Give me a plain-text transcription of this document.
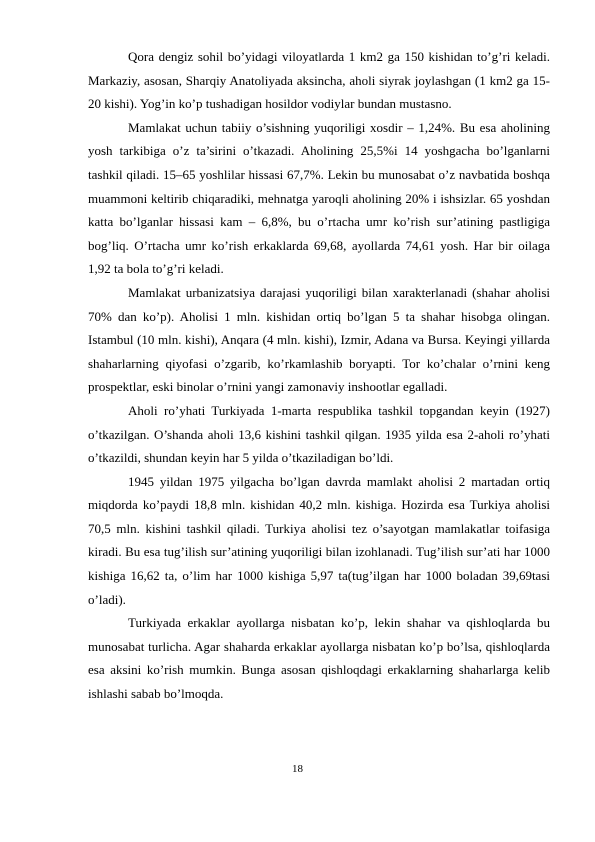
Qora dengiz sohil bo’yidagi viloyatlarda 1 km2 ga 150 kishidan to’g’ri keladi. Markaziy, asosan, Sharqiy Anatoliyada aksincha, aholi siyrak joylashgan (1 km2 ga 15-20 kishi). Yog’in ko’p tushadigan hosildor vodiylar bundan mustasno.

Mamlakat uchun tabiiy o’sishning yuqoriligi xosdir – 1,24%. Bu esa aholining yosh tarkibiga o’z ta’sirini o’tkazadi. Aholining 25,5%i 14 yoshgacha bo’lganlarni tashkil qiladi. 15–65 yoshlilar hissasi 67,7%. Lekin bu munosabat o’z navbatida boshqa muammoni keltirib chiqaradiki, mehnatga yaroqli aholining 20% i ishsizlar. 65 yoshdan katta bo’lganlar hissasi kam – 6,8%, bu o’rtacha umr ko’rish sur’atining pastligiga bog’liq. O’rtacha umr ko’rish erkaklarda 69,68, ayollarda 74,61 yosh. Har bir oilaga 1,92 ta bola to’g’ri keladi.

Mamlakat urbanizatsiya darajasi yuqoriligi bilan xarakterlanadi (shahar aholisi 70% dan ko’p). Aholisi 1 mln. kishidan ortiq bo’lgan 5 ta shahar hisobga olingan. Istambul (10 mln. kishi), Anqara (4 mln. kishi), Izmir, Adana va Bursa. Keyingi yillarda shaharlarning qiyofasi o’zgarib, ko’rkamlashib boryapti. Tor ko’chalar o’rnini keng prospektlar, eski binolar o’rnini yangi zamonaviy inshootlar egalladi.

Aholi ro’yhati Turkiyada 1-marta respublika tashkil topgandan keyin (1927) o’tkazilgan. O’shanda aholi 13,6 kishini tashkil qilgan. 1935 yilda esa 2-aholi ro’yhati o’tkazildi, shundan keyin har 5 yilda o’tkaziladigan bo’ldi.

1945 yildan 1975 yilgacha bo’lgan davrda mamlakt aholisi 2 martadan ortiq miqdorda ko’paydi 18,8 mln. kishidan 40,2 mln. kishiga. Hozirda esa Turkiya aholisi 70,5 mln. kishini tashkil qiladi. Turkiya aholisi tez o’sayotgan mamlakatlar toifasiga kiradi. Bu esa tug’ilish sur’atining yuqoriligi bilan izohlanadi. Tug’ilish sur’ati har 1000 kishiga 16,62 ta, o’lim har 1000 kishiga 5,97 ta(tug’ilgan har 1000 boladan 39,69tasi o’ladi).

Turkiyada erkaklar ayollarga nisbatan ko’p, lekin shahar va qishloqlarda bu munosabat turlicha. Agar shaharda erkaklar ayollarga nisbatan ko’p bo’lsa, qishloqlarda esa aksini ko’rish mumkin. Bunga asosan qishloqdagi erkaklarning shaharlarga kelib ishlashi sabab bo’lmoqda.

18
